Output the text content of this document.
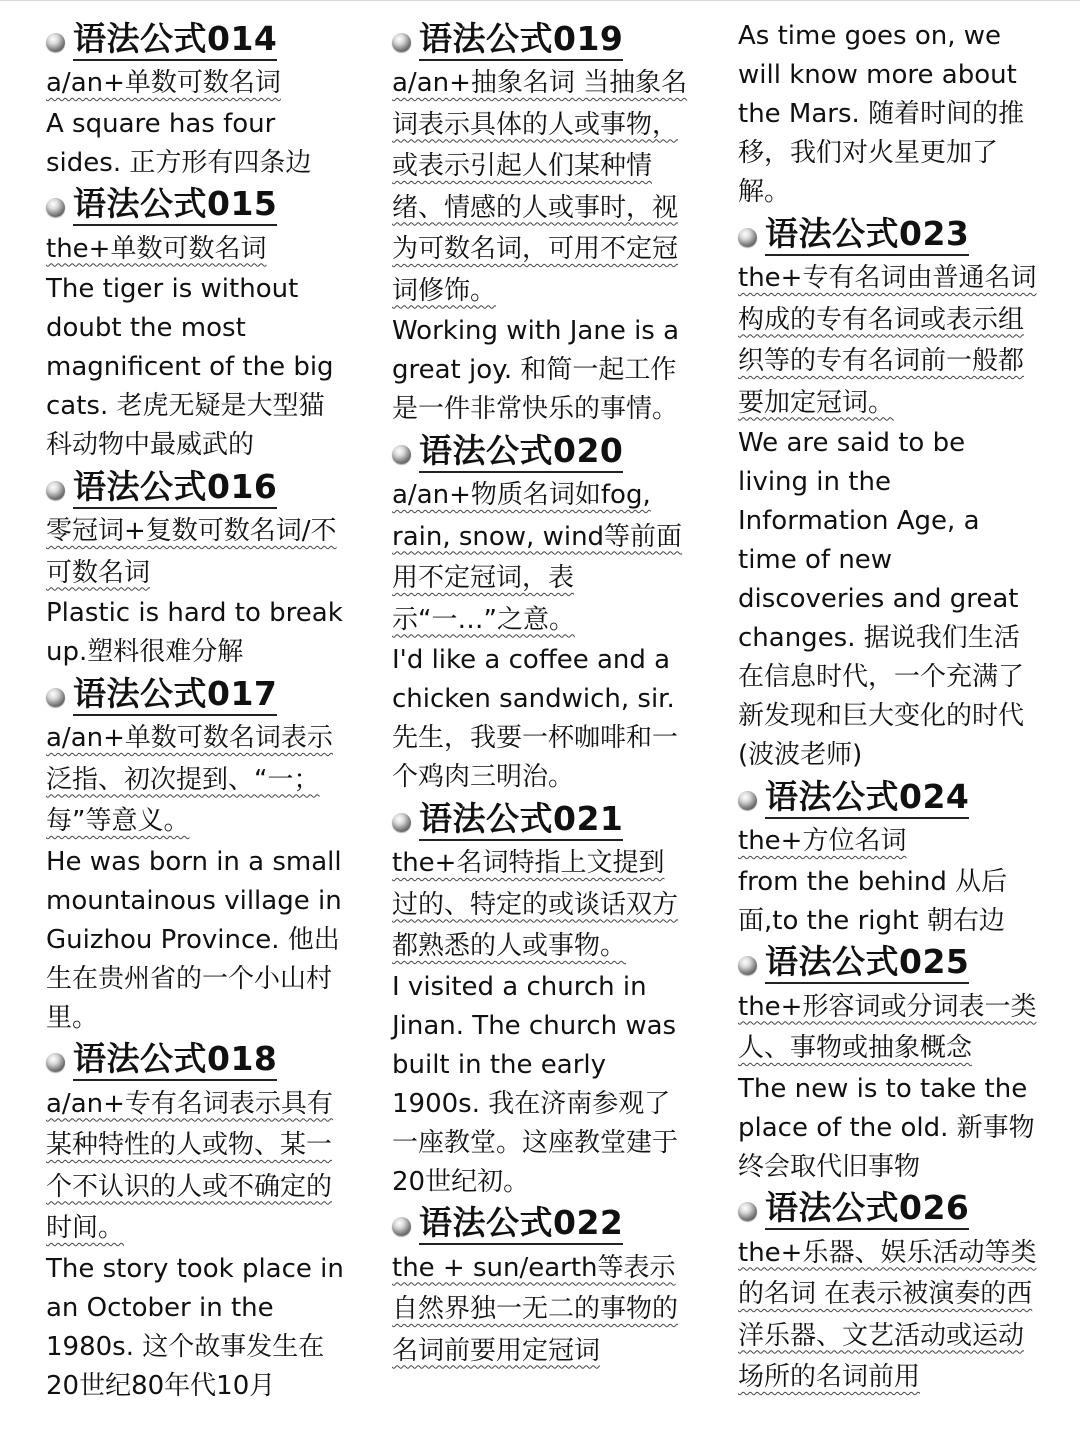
语法公式014

a/an+单数可数名词

A square has four sides. 正方形有四条边

语法公式015

the+单数可数名词

The tiger is without doubt the most magnificent of the big cats. 老虎无疑是大型猫科动物中最威武的

语法公式016

零冠词+复数可数名词/不可数名词

Plastic is hard to break up.塑料很难分解

语法公式017

a/an+单数可数名词表示泛指、初次提到、“一；每”等意义。

He was born in a small mountainous village in Guizhou Province. 他出生在贵州省的一个小山村里。

语法公式018

a/an+专有名词表示具有某种特性的人或物、某一个不认识的人或不确定的时间。

The story took place in an October in the 1980s. 这个故事发生在20世纪80年代10月

语法公式019

a/an+抽象名词 当抽象名词表示具体的人或事物，或表示引起人们某种情绪、情感的人或事时，视为可数名词，可用不定冠词修饰。

Working with Jane is a great joy. 和简一起工作是一件非常快乐的事情。

语法公式020

a/an+物质名词如fog, rain, snow, wind等前面用不定冠词，表示“一…”之意。

I'd like a coffee and a chicken sandwich, sir. 先生，我要一杯咖啡和一个鸡肉三明治。

语法公式021

the+名词特指上文提到过的、特定的或谈话双方都熟悉的人或事物。

I visited a church in Jinan. The church was built in the early 1900s. 我在济南参观了一座教堂。这座教堂建于20世纪初。

语法公式022

the + sun/earth等表示自然界独一无二的事物的名词前要用定冠词

As time goes on, we will know more about the Mars. 随着时间的推移，我们对火星更加了解。

语法公式023

the+专有名词由普通名词构成的专有名词或表示组织等的专有名词前一般都要加定冠词。

We are said to be living in the Information Age, a time of new discoveries and great changes. 据说我们生活在信息时代，一个充满了新发现和巨大变化的时代(波波老师)

语法公式024

the+方位名词

from the behind 从后面,to the right 朝右边

语法公式025

the+形容词或分词表一类人、事物或抽象概念

The new is to take the place of the old. 新事物终会取代旧事物

语法公式026

the+乐器、娱乐活动等类的名词 在表示被演奏的西洋乐器、文艺活动或运动场所的名词前用
